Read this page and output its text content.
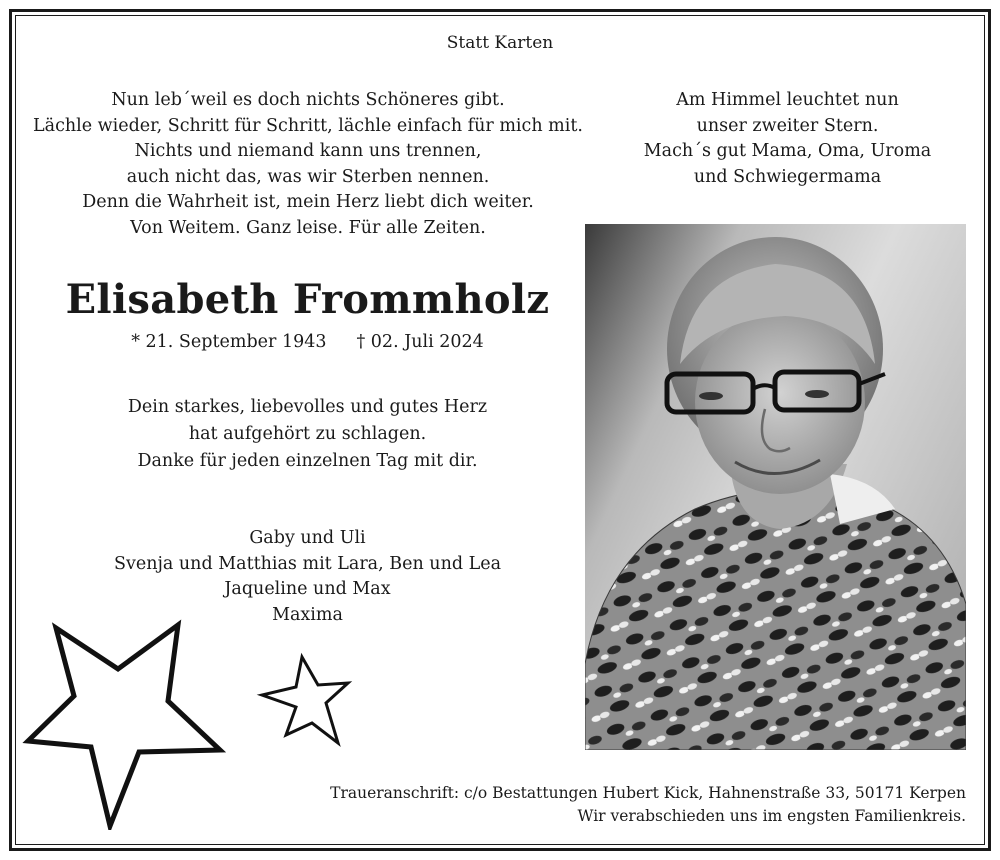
Statt Karten
Nun leb´weil es doch nichts Schöneres gibt.
Lächle wieder, Schritt für Schritt, lächle einfach für mich mit.
Nichts und niemand kann uns trennen,
auch nicht das, was wir Sterben nennen.
Denn die Wahrheit ist, mein Herz liebt dich weiter.
Von Weitem. Ganz leise. Für alle Zeiten.
Am Himmel leuchtet nun
unser zweiter Stern.
Mach´s gut Mama, Oma, Uroma
und Schwiegermama
Elisabeth Frommholz
* 21. September 1943 † 02. Juli 2024
Dein starkes, liebevolles und gutes Herz
hat aufgehört zu schlagen.
Danke für jeden einzelnen Tag mit dir.
Gaby und Uli
Svenja und Matthias mit Lara, Ben und Lea
Jaqueline und Max
Maxima
Traueranschrift: c/o Bestattungen Hubert Kick, Hahnenstraße 33, 50171 Kerpen
Wir verabschieden uns im engsten Familienkreis.
